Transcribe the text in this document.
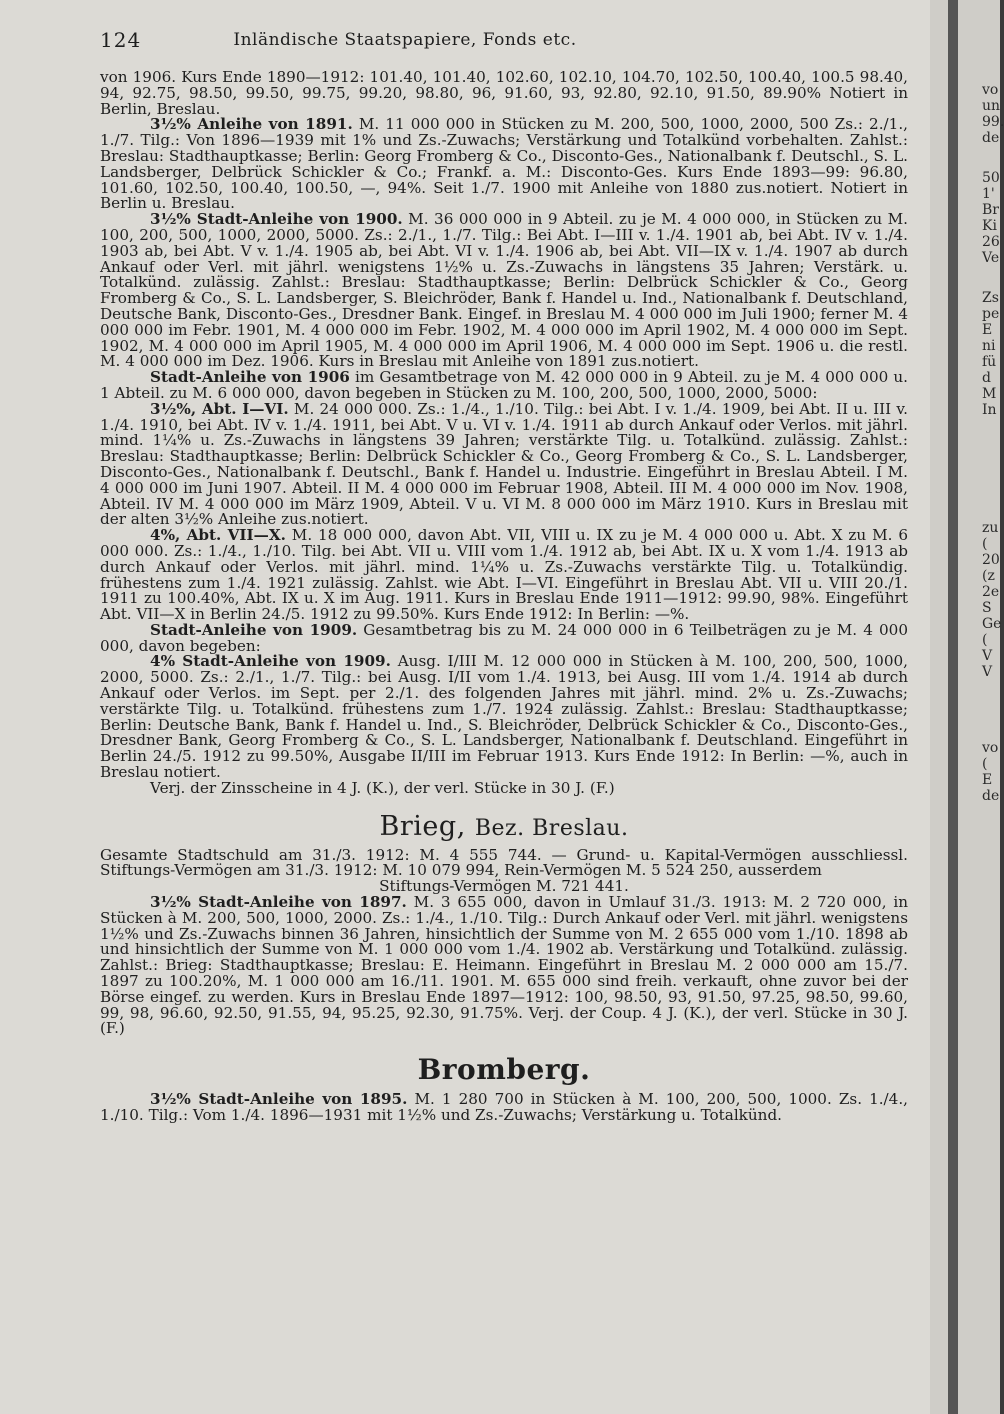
124	Inländische Staatspapiere, Fonds etc.

von 1906. Kurs Ende 1890—1912: 101.40, 101.40, 102.60, 102.10, 104.70, 102.50, 100.40, 100.5 98.40, 94, 92.75, 98.50, 99.50, 99.75, 99.20, 98.80, 96, 91.60, 93, 92.80, 92.10, 91.50, 89.90% Notiert in Berlin, Breslau.

3½% Anleihe von 1891. M. 11 000 000 in Stücken zu M. 200, 500, 1000, 2000, 500 Zs.: 2./1., 1./7. Tilg.: Von 1896—1939 mit 1% und Zs.-Zuwachs; Verstärkung und Totalkünd vorbehalten. Zahlst.: Breslau: Stadthauptkasse; Berlin: Georg Fromberg & Co., Disconto-Ges., Nationalbank f. Deutschl., S. L. Landsberger, Delbrück Schickler & Co.; Frankf. a. M.: Disconto-Ges. Kurs Ende 1893—99: 96.80, 101.60, 102.50, 100.40, 100.50, —, 94%. Seit 1./7. 1900 mit Anleihe von 1880 zus.notiert. Notiert in Berlin u. Breslau.

3½% Stadt-Anleihe von 1900. M. 36 000 000 in 9 Abteil. zu je M. 4 000 000, in Stücken zu M. 100, 200, 500, 1000, 2000, 5000. Zs.: 2./1., 1./7. Tilg.: Bei Abt. I—III v. 1./4. 1901 ab, bei Abt. IV v. 1./4. 1903 ab, bei Abt. V v. 1./4. 1905 ab, bei Abt. VI v. 1./4. 1906 ab, bei Abt. VII—IX v. 1./4. 1907 ab durch Ankauf oder Verl. mit jährl. wenigstens 1½% u. Zs.-Zuwachs in längstens 35 Jahren; Verstärk. u. Totalkünd. zulässig. Zahlst.: Breslau: Stadthauptkasse; Berlin: Delbrück Schickler & Co., Georg Fromberg & Co., S. L. Landsberger, S. Bleichröder, Bank f. Handel u. Ind., Nationalbank f. Deutschland, Deutsche Bank, Disconto-Ges., Dresdner Bank. Eingef. in Breslau M. 4 000 000 im Juli 1900; ferner M. 4 000 000 im Febr. 1901, M. 4 000 000 im Febr. 1902, M. 4 000 000 im April 1902, M. 4 000 000 im Sept. 1902, M. 4 000 000 im April 1905, M. 4 000 000 im April 1906, M. 4 000 000 im Sept. 1906 u. die restl. M. 4 000 000 im Dez. 1906. Kurs in Breslau mit Anleihe von 1891 zus.notiert.

Stadt-Anleihe von 1906 im Gesamtbetrage von M. 42 000 000 in 9 Abteil. zu je M. 4 000 000 u. 1 Abteil. zu M. 6 000 000, davon begeben in Stücken zu M. 100, 200, 500, 1000, 2000, 5000:

3½%, Abt. I—VI. M. 24 000 000. Zs.: 1./4., 1./10. Tilg.: bei Abt. I v. 1./4. 1909, bei Abt. II u. III v. 1./4. 1910, bei Abt. IV v. 1./4. 1911, bei Abt. V u. VI v. 1./4. 1911 ab durch Ankauf oder Verlos. mit jährl. mind. 1¼% u. Zs.-Zuwachs in längstens 39 Jahren; verstärkte Tilg. u. Totalkünd. zulässig. Zahlst.: Breslau: Stadthauptkasse; Berlin: Delbrück Schickler & Co., Georg Fromberg & Co., S. L. Landsberger, Disconto-Ges., Nationalbank f. Deutschl., Bank f. Handel u. Industrie. Eingeführt in Breslau Abteil. I M. 4 000 000 im Juni 1907. Abteil. II M. 4 000 000 im Februar 1908, Abteil. III M. 4 000 000 im Nov. 1908, Abteil. IV M. 4 000 000 im März 1909, Abteil. V u. VI M. 8 000 000 im März 1910. Kurs in Breslau mit der alten 3½% Anleihe zus.notiert.

4%, Abt. VII—X. M. 18 000 000, davon Abt. VII, VIII u. IX zu je M. 4 000 000 u. Abt. X zu M. 6 000 000. Zs.: 1./4., 1./10. Tilg. bei Abt. VII u. VIII vom 1./4. 1912 ab, bei Abt. IX u. X vom 1./4. 1913 ab durch Ankauf oder Verlos. mit jährl. mind. 1¼% u. Zs.-Zuwachs verstärkte Tilg. u. Totalkündig. frühestens zum 1./4. 1921 zulässig. Zahlst. wie Abt. I—VI. Eingeführt in Breslau Abt. VII u. VIII 20./1. 1911 zu 100.40%, Abt. IX u. X im Aug. 1911. Kurs in Breslau Ende 1911—1912: 99.90, 98%. Eingeführt Abt. VII—X in Berlin 24./5. 1912 zu 99.50%. Kurs Ende 1912: In Berlin: —%.

Stadt-Anleihe von 1909. Gesamtbetrag bis zu M. 24 000 000 in 6 Teilbeträgen zu je M. 4 000 000, davon begeben:

4% Stadt-Anleihe von 1909. Ausg. I/III M. 12 000 000 in Stücken à M. 100, 200, 500, 1000, 2000, 5000. Zs.: 2./1., 1./7. Tilg.: bei Ausg. I/II vom 1./4. 1913, bei Ausg. III vom 1./4. 1914 ab durch Ankauf oder Verlos. im Sept. per 2./1. des folgenden Jahres mit jährl. mind. 2% u. Zs.-Zuwachs; verstärkte Tilg. u. Totalkünd. frühestens zum 1./7. 1924 zulässig. Zahlst.: Breslau: Stadthauptkasse; Berlin: Deutsche Bank, Bank f. Handel u. Ind., S. Bleichröder, Delbrück Schickler & Co., Disconto-Ges., Dresdner Bank, Georg Fromberg & Co., S. L. Landsberger, Nationalbank f. Deutschland. Eingeführt in Berlin 24./5. 1912 zu 99.50%, Ausgabe II/III im Februar 1913. Kurs Ende 1912: In Berlin: —%, auch in Breslau notiert.

Verj. der Zinsscheine in 4 J. (K.), der verl. Stücke in 30 J. (F.)

Brieg, Bez. Breslau.

Gesamte Stadtschuld am 31./3. 1912: M. 4 555 744. — Grund- u. Kapital-Vermögen ausschliessl. Stiftungs-Vermögen am 31./3. 1912: M. 10 079 994, Rein-Vermögen M. 5 524 250, ausserdem

Stiftungs-Vermögen M. 721 441.

3½% Stadt-Anleihe von 1897. M. 3 655 000, davon in Umlauf 31./3. 1913: M. 2 720 000, in Stücken à M. 200, 500, 1000, 2000. Zs.: 1./4., 1./10. Tilg.: Durch Ankauf oder Verl. mit jährl. wenigstens 1½% und Zs.-Zuwachs binnen 36 Jahren, hinsichtlich der Summe von M. 2 655 000 vom 1./10. 1898 ab und hinsichtlich der Summe von M. 1 000 000 vom 1./4. 1902 ab. Verstärkung und Totalkünd. zulässig. Zahlst.: Brieg: Stadthauptkasse; Breslau: E. Heimann. Eingeführt in Breslau M. 2 000 000 am 15./7. 1897 zu 100.20%, M. 1 000 000 am 16./11. 1901. M. 655 000 sind freih. verkauft, ohne zuvor bei der Börse eingef. zu werden. Kurs in Breslau Ende 1897—1912: 100, 98.50, 93, 91.50, 97.25, 98.50, 99.60, 99, 98, 96.60, 92.50, 91.55, 94, 95.25, 92.30, 91.75%. Verj. der Coup. 4 J. (K.), der verl. Stücke in 30 J. (F.)

Bromberg.

3½% Stadt-Anleihe von 1895. M. 1 280 700 in Stücken à M. 100, 200, 500, 1000. Zs. 1./4., 1./10. Tilg.: Vom 1./4. 1896—1931 mit 1½% und Zs.-Zuwachs; Verstärkung u. Totalkünd.

vo
un
99.
de
50
1'
Br
Ki
26
Ve
Zs
pe
E
ni
fü
d
M
In
zu
(
20
(z
2e
S
Ge
(
V
V
vo
(
E
de
